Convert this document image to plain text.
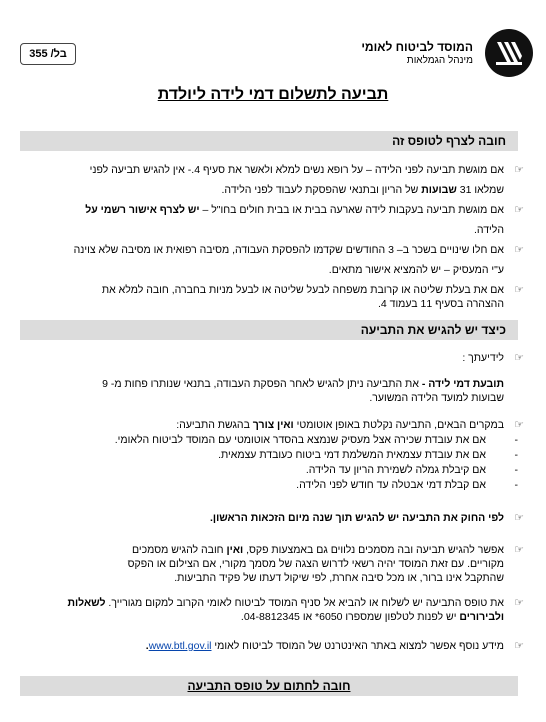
המוסד לביטוח לאומי
מינהל הגמלאות
בל/ 355
תביעה לתשלום דמי לידה ליולדת
חובה לצרף לטופס זה
☞
אם מוגשת תביעה לפני הלידה – על רופא נשים למלא ולאשר את סעיף 4.- אין להגיש תביעה לפני
שמלאו 31 שבועות של הריון ובתנאי שהפסקת לעבוד לפני הלידה.
☞
אם מוגשת תביעה בעקבות לידה שארעה בבית או בבית חולים בחו"ל – יש לצרף אישור רשמי על
הלידה.
☞
אם חלו שינויים בשכר ב– 3 החודשים שקדמו להפסקת העבודה, מסיבה רפואית או מסיבה שלא צוינה
ע"י המעסיק – יש להמציא אישור מתאים.
☞
אם את בעלת שליטה או קרובת משפחה לבעל שליטה או לבעל מניות בחברה, חובה למלא את
ההצהרה בסעיף 11 בעמוד 4.
כיצד יש להגיש את התביעה
☞
לידיעתך :
תובעת דמי לידה - את התביעה ניתן להגיש לאחר הפסקת העבודה, בתנאי שנותרו פחות מ- 9
שבועות למועד הלידה המשוער.
☞
במקרים הבאים, התביעה נקלטת באופן אוטומטי ואין צורך בהגשת התביעה:
- אם את עובדת שכירה אצל מעסיק שנמצא בהסדר אוטומטי עם המוסד לביטוח הלאומי.
- אם את עובדת עצמאית המשלמת דמי ביטוח כעובדת עצמאית.
- אם קיבלת גמלה לשמירת הריון עד הלידה.
- אם קבלת דמי אבטלה עד חודש לפני הלידה.
☞
לפי החוק את התביעה יש להגיש תוך שנה מיום הזכאות הראשון.
☞
אפשר להגיש תביעה ובה מסמכים נלווים גם באמצעות פקס, ואין חובה להגיש מסמכים
מקוריים. עם זאת המוסד יהיה רשאי לדרוש הצגה של מסמך מקורי, אם הצילום או הפקס
שהתקבל אינו ברור, או מכל סיבה אחרת, לפי שיקול דעתו של פקיד התביעות.
☞
את טופס התביעה יש לשלוח או להביא אל סניף המוסד לביטוח לאומי הקרוב למקום מגורייך. לשאלות
ולבירורים יש לפנות לטלפון שמספרו 6050* או 04-8812345.
☞
מידע נוסף אפשר למצוא באתר האינטרנט של המוסד לביטוח לאומי www.btl.gov.il.
חובה לחתום על טופס התביעה
